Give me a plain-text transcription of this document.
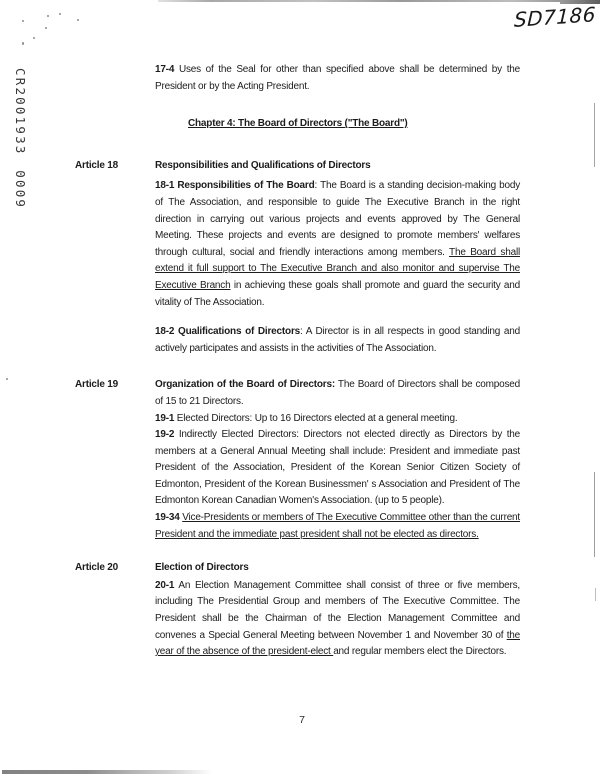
CR2001933 0009
SD7186

17-4 Uses of the Seal for other than specified above shall be determined by the President or by the Acting President.

Chapter 4: The Board of Directors ("The Board")
Article 18	Responsibilities and Qualifications of Directors

18-1 Responsibilities of The Board: The Board is a standing decision-making body of The Association, and responsible to guide The Executive Branch in the right direction in carrying out various projects and events approved by The General Meeting. These projects and events are designed to promote members' welfares through cultural, social and friendly interactions among members. The Board shall extend it full support to The Executive Branch and also monitor and supervise The Executive Branch in achieving these goals shall promote and guard the security and vitality of The Association.

18-2 Qualifications of Directors: A Director is in all respects in good standing and actively participates and assists in the activities of The Association.

Article 19	Organization of the Board of Directors: The Board of Directors shall be composed of 15 to 21 Directors.

19-1 Elected Directors: Up to 16 Directors elected at a general meeting.

19-2 Indirectly Elected Directors: Directors not elected directly as Directors by the members at a General Annual Meeting shall include: President and immediate past President of the Association, President of the Korean Senior Citizen Society of Edmonton, President of the Korean Businessmen' s Association and President of The Edmonton Korean Canadian Women's Association. (up to 5 people).

19-34 Vice-Presidents or members of The Executive Committee other than the current President and the immediate past president shall not be elected as directors.

Article 20	Election of Directors

20-1 An Election Management Committee shall consist of three or five members, including The Presidential Group and members of The Executive Committee. The President shall be the Chairman of the Election Management Committee and convenes a Special General Meeting between November 1 and November 30 of the year of the absence of the president-elect and regular members elect the Directors.

7
